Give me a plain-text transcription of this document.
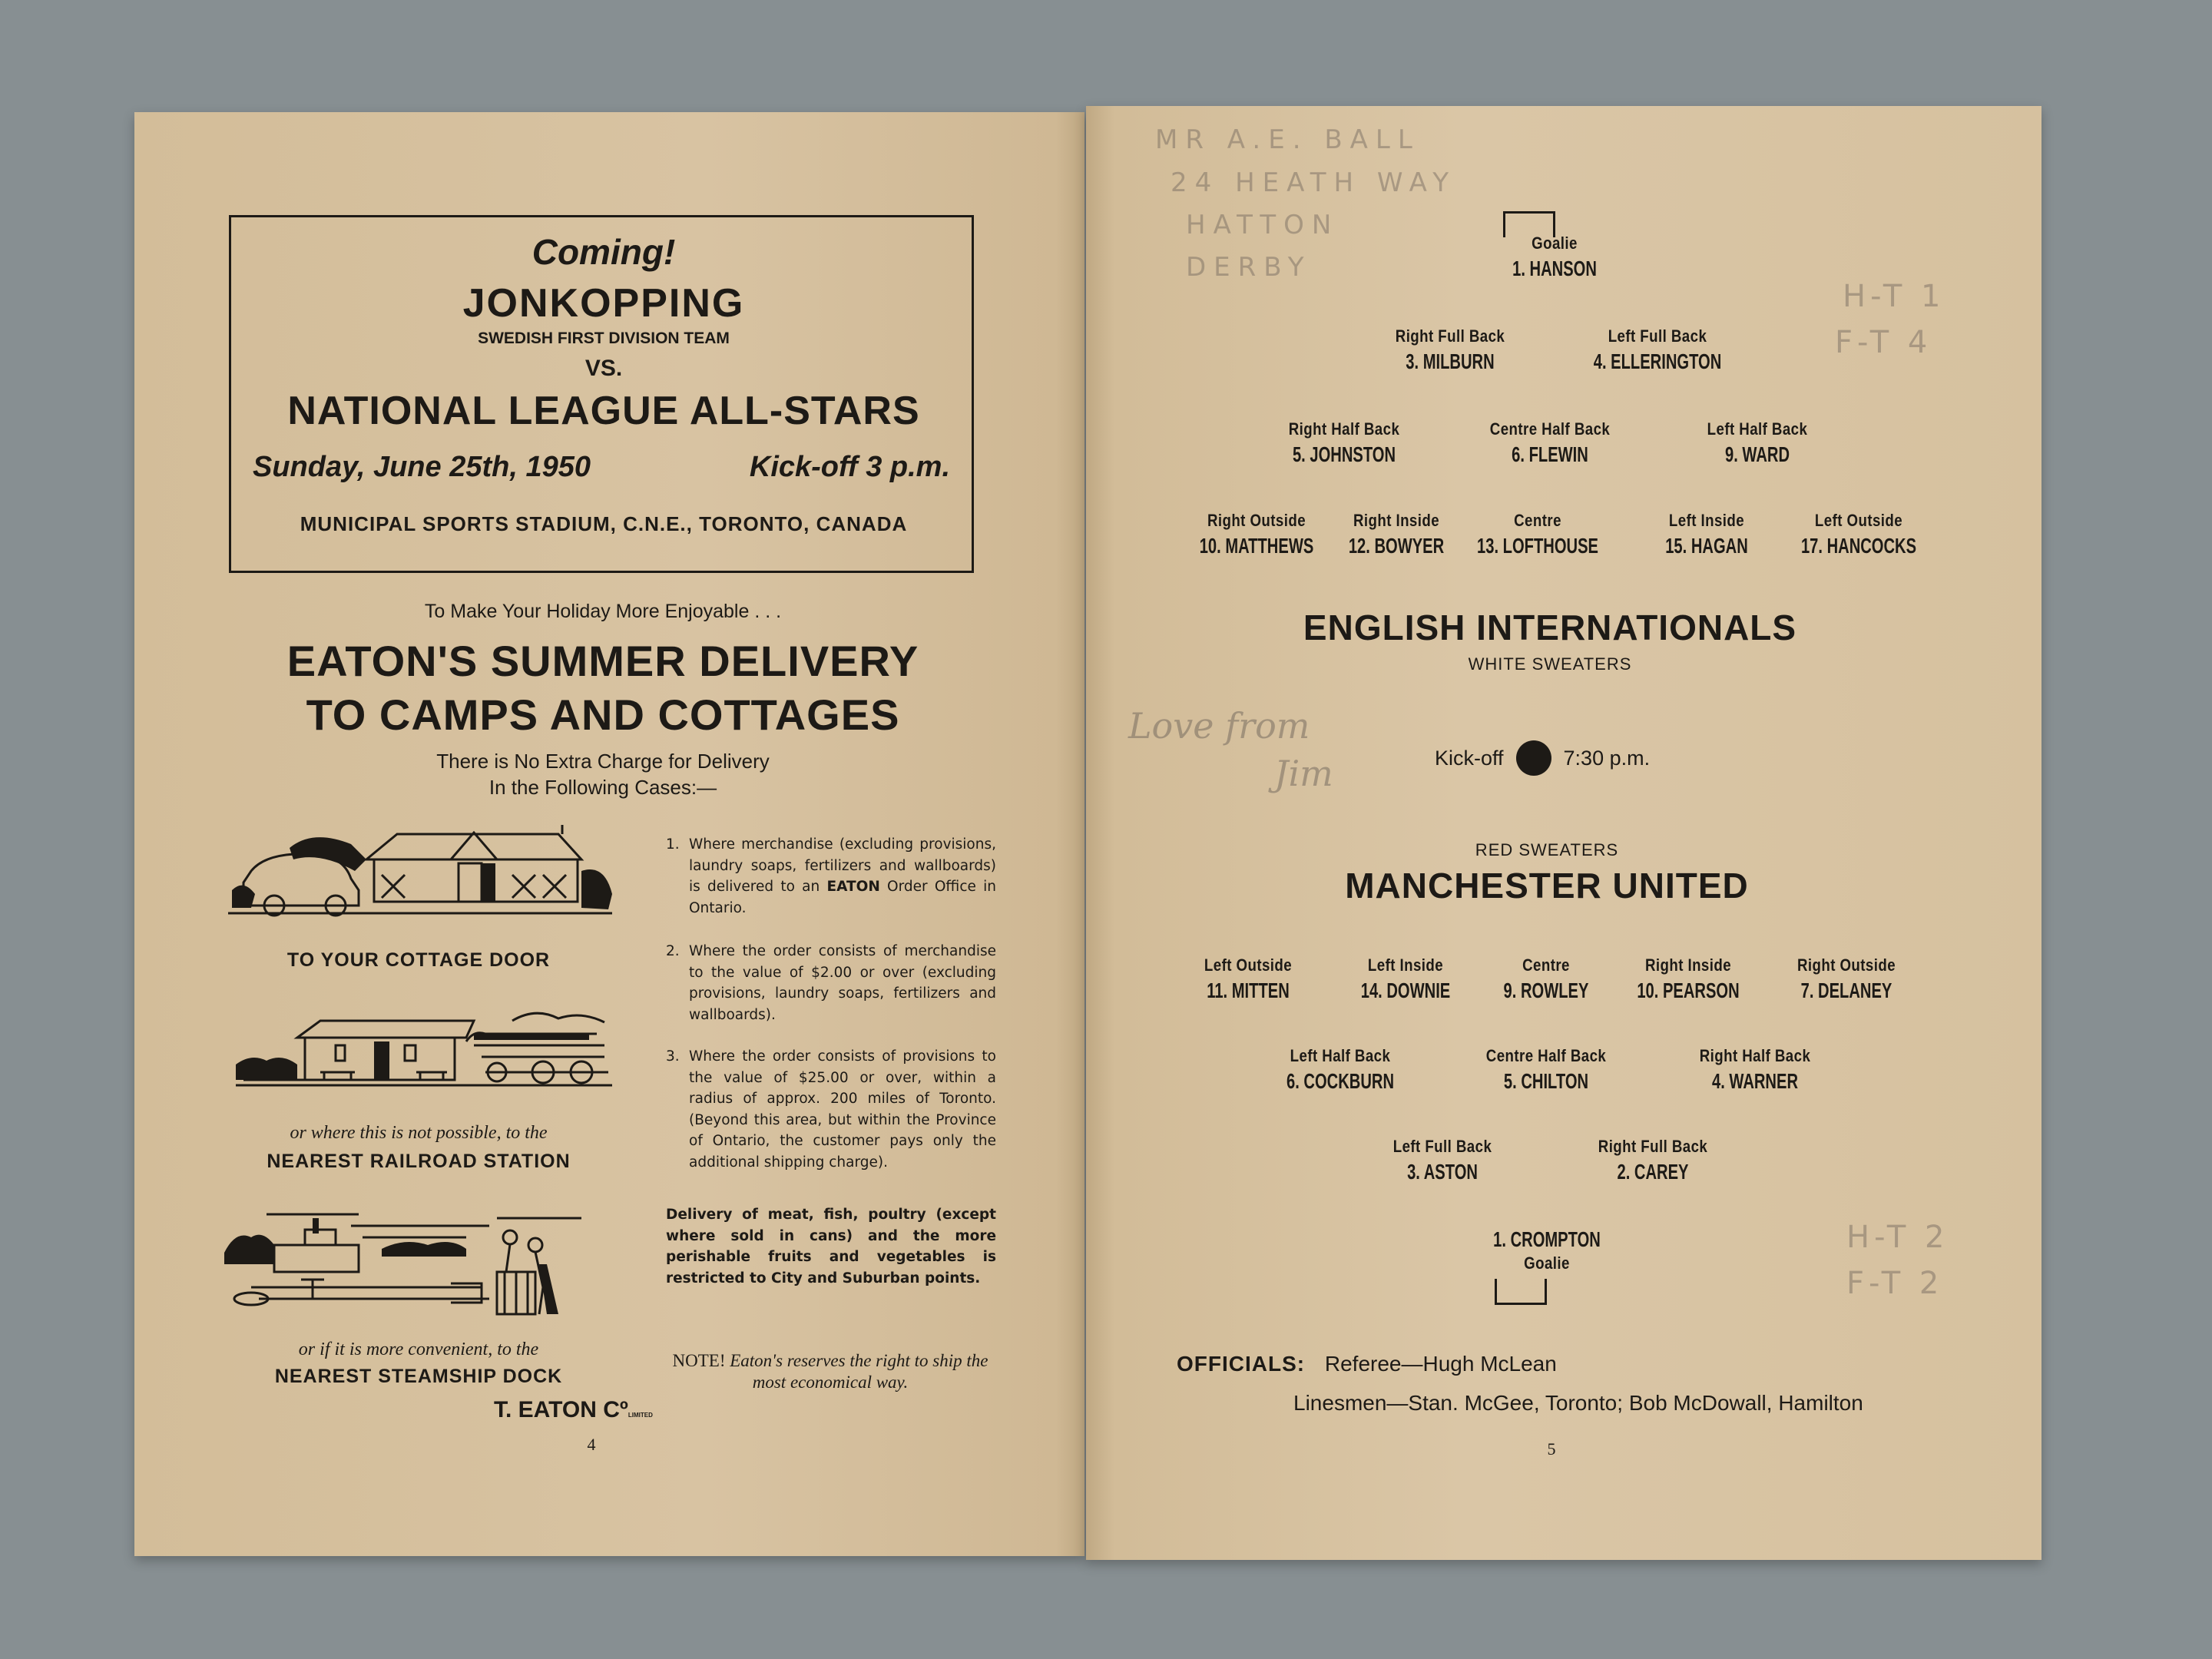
Coming!
JONKOPPING
SWEDISH FIRST DIVISION TEAM
VS.
NATIONAL LEAGUE ALL-STARS
Sunday, June 25th, 1950	Kick-off 3 p.m.
MUNICIPAL SPORTS STADIUM, C.N.E., TORONTO, CANADA
To Make Your Holiday More Enjoyable . . .
EATON'S SUMMER DELIVERY
TO CAMPS AND COTTAGES
There is No Extra Charge for Delivery
In the Following Cases:—
TO YOUR COTTAGE DOOR
or where this is not possible, to the
NEAREST RAILROAD STATION
or if it is more convenient, to the
NEAREST STEAMSHIP DOCK
T. EATON CºLIMITED
4
1. Where merchandise (excluding provisions, laundry soaps, fertilizers and wallboards) is delivered to an EATON Order Office in Ontario.
2. Where the order consists of merchandise to the value of $2.00 or over (excluding provisions, laundry soaps, fertilizers and wallboards).
3. Where the order consists of provisions to the value of $25.00 or over, within a radius of approx. 200 miles of Toronto. (Beyond this area, but within the Province of Ontario, the customer pays only the additional shipping charge).
Delivery of meat, fish, poultry (except where sold in cans) and the more perishable fruits and vegetables is restricted to City and Suburban points.
NOTE! Eaton's reserves the right to ship the most economical way.
MR A.E. BALL
24 HEATH WAY
HATTON
DERBY
Love from
Jim
H-T 1
F-T 4
H-T 2
F-T 2
Goalie
1. HANSON
Right Full Back
3. MILBURN
Left Full Back
4. ELLERINGTON
Right Half Back
5. JOHNSTON
Centre Half Back
6. FLEWIN
Left Half Back
9. WARD
Right Outside
10. MATTHEWS
Right Inside
12. BOWYER
Centre
13. LOFTHOUSE
Left Inside
15. HAGAN
Left Outside
17. HANCOCKS
ENGLISH INTERNATIONALS
WHITE SWEATERS
Kick-off	7:30 p.m.
RED SWEATERS
MANCHESTER UNITED
Left Outside
11. MITTEN
Left Inside
14. DOWNIE
Centre
9. ROWLEY
Right Inside
10. PEARSON
Right Outside
7. DELANEY
Left Half Back
6. COCKBURN
Centre Half Back
5. CHILTON
Right Half Back
4. WARNER
Left Full Back
3. ASTON
Right Full Back
2. CAREY
1. CROMPTON
Goalie
OFFICIALS: Referee—Hugh McLean
Linesmen—Stan. McGee, Toronto; Bob McDowall, Hamilton
5
